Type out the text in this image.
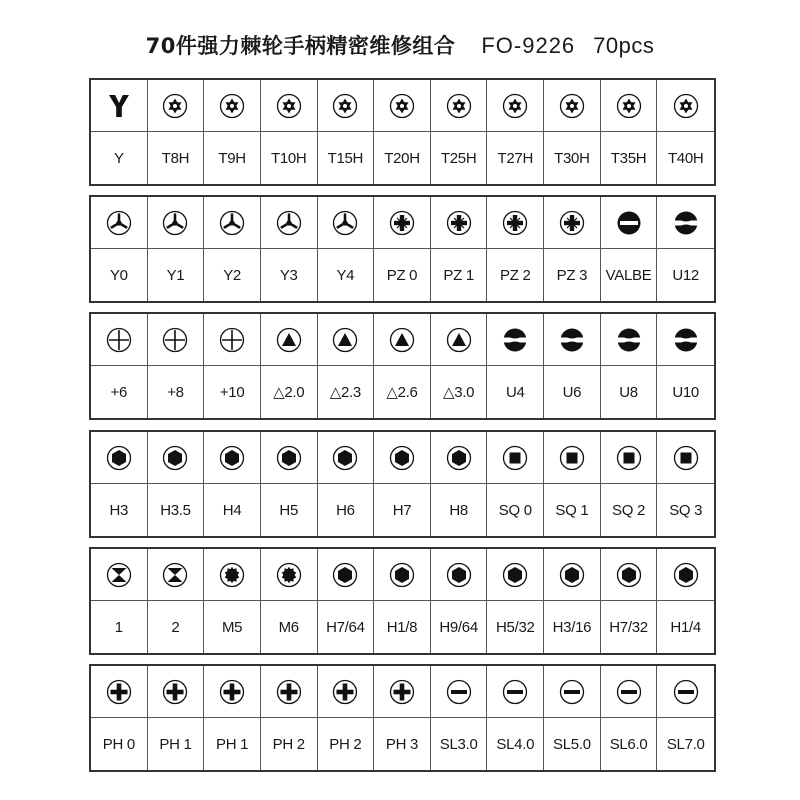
70件强力棘轮手柄精密维修组合 FO-9226 70pcs
Y	T8H	T9H	T10H	T15H	T20H	T25H	T27H	T30H	T35H	T40H
Y0	Y1	Y2	Y3	Y4	PZ 0	PZ 1	PZ 2	PZ 3	VALBE	U12
+6	+8	+10	△2.0	△2.3	△2.6	△3.0	U4	U6	U8	U10
H3	H3.5	H4	H5	H6	H7	H8	SQ 0	SQ 1	SQ 2	SQ 3
1	2	M5	M6	H7/64	H1/8	H9/64	H5/32	H3/16	H7/32	H1/4
PH 0	PH 1	PH 1	PH 2	PH 2	PH 3	SL3.0	SL4.0	SL5.0	SL6.0	SL7.0
